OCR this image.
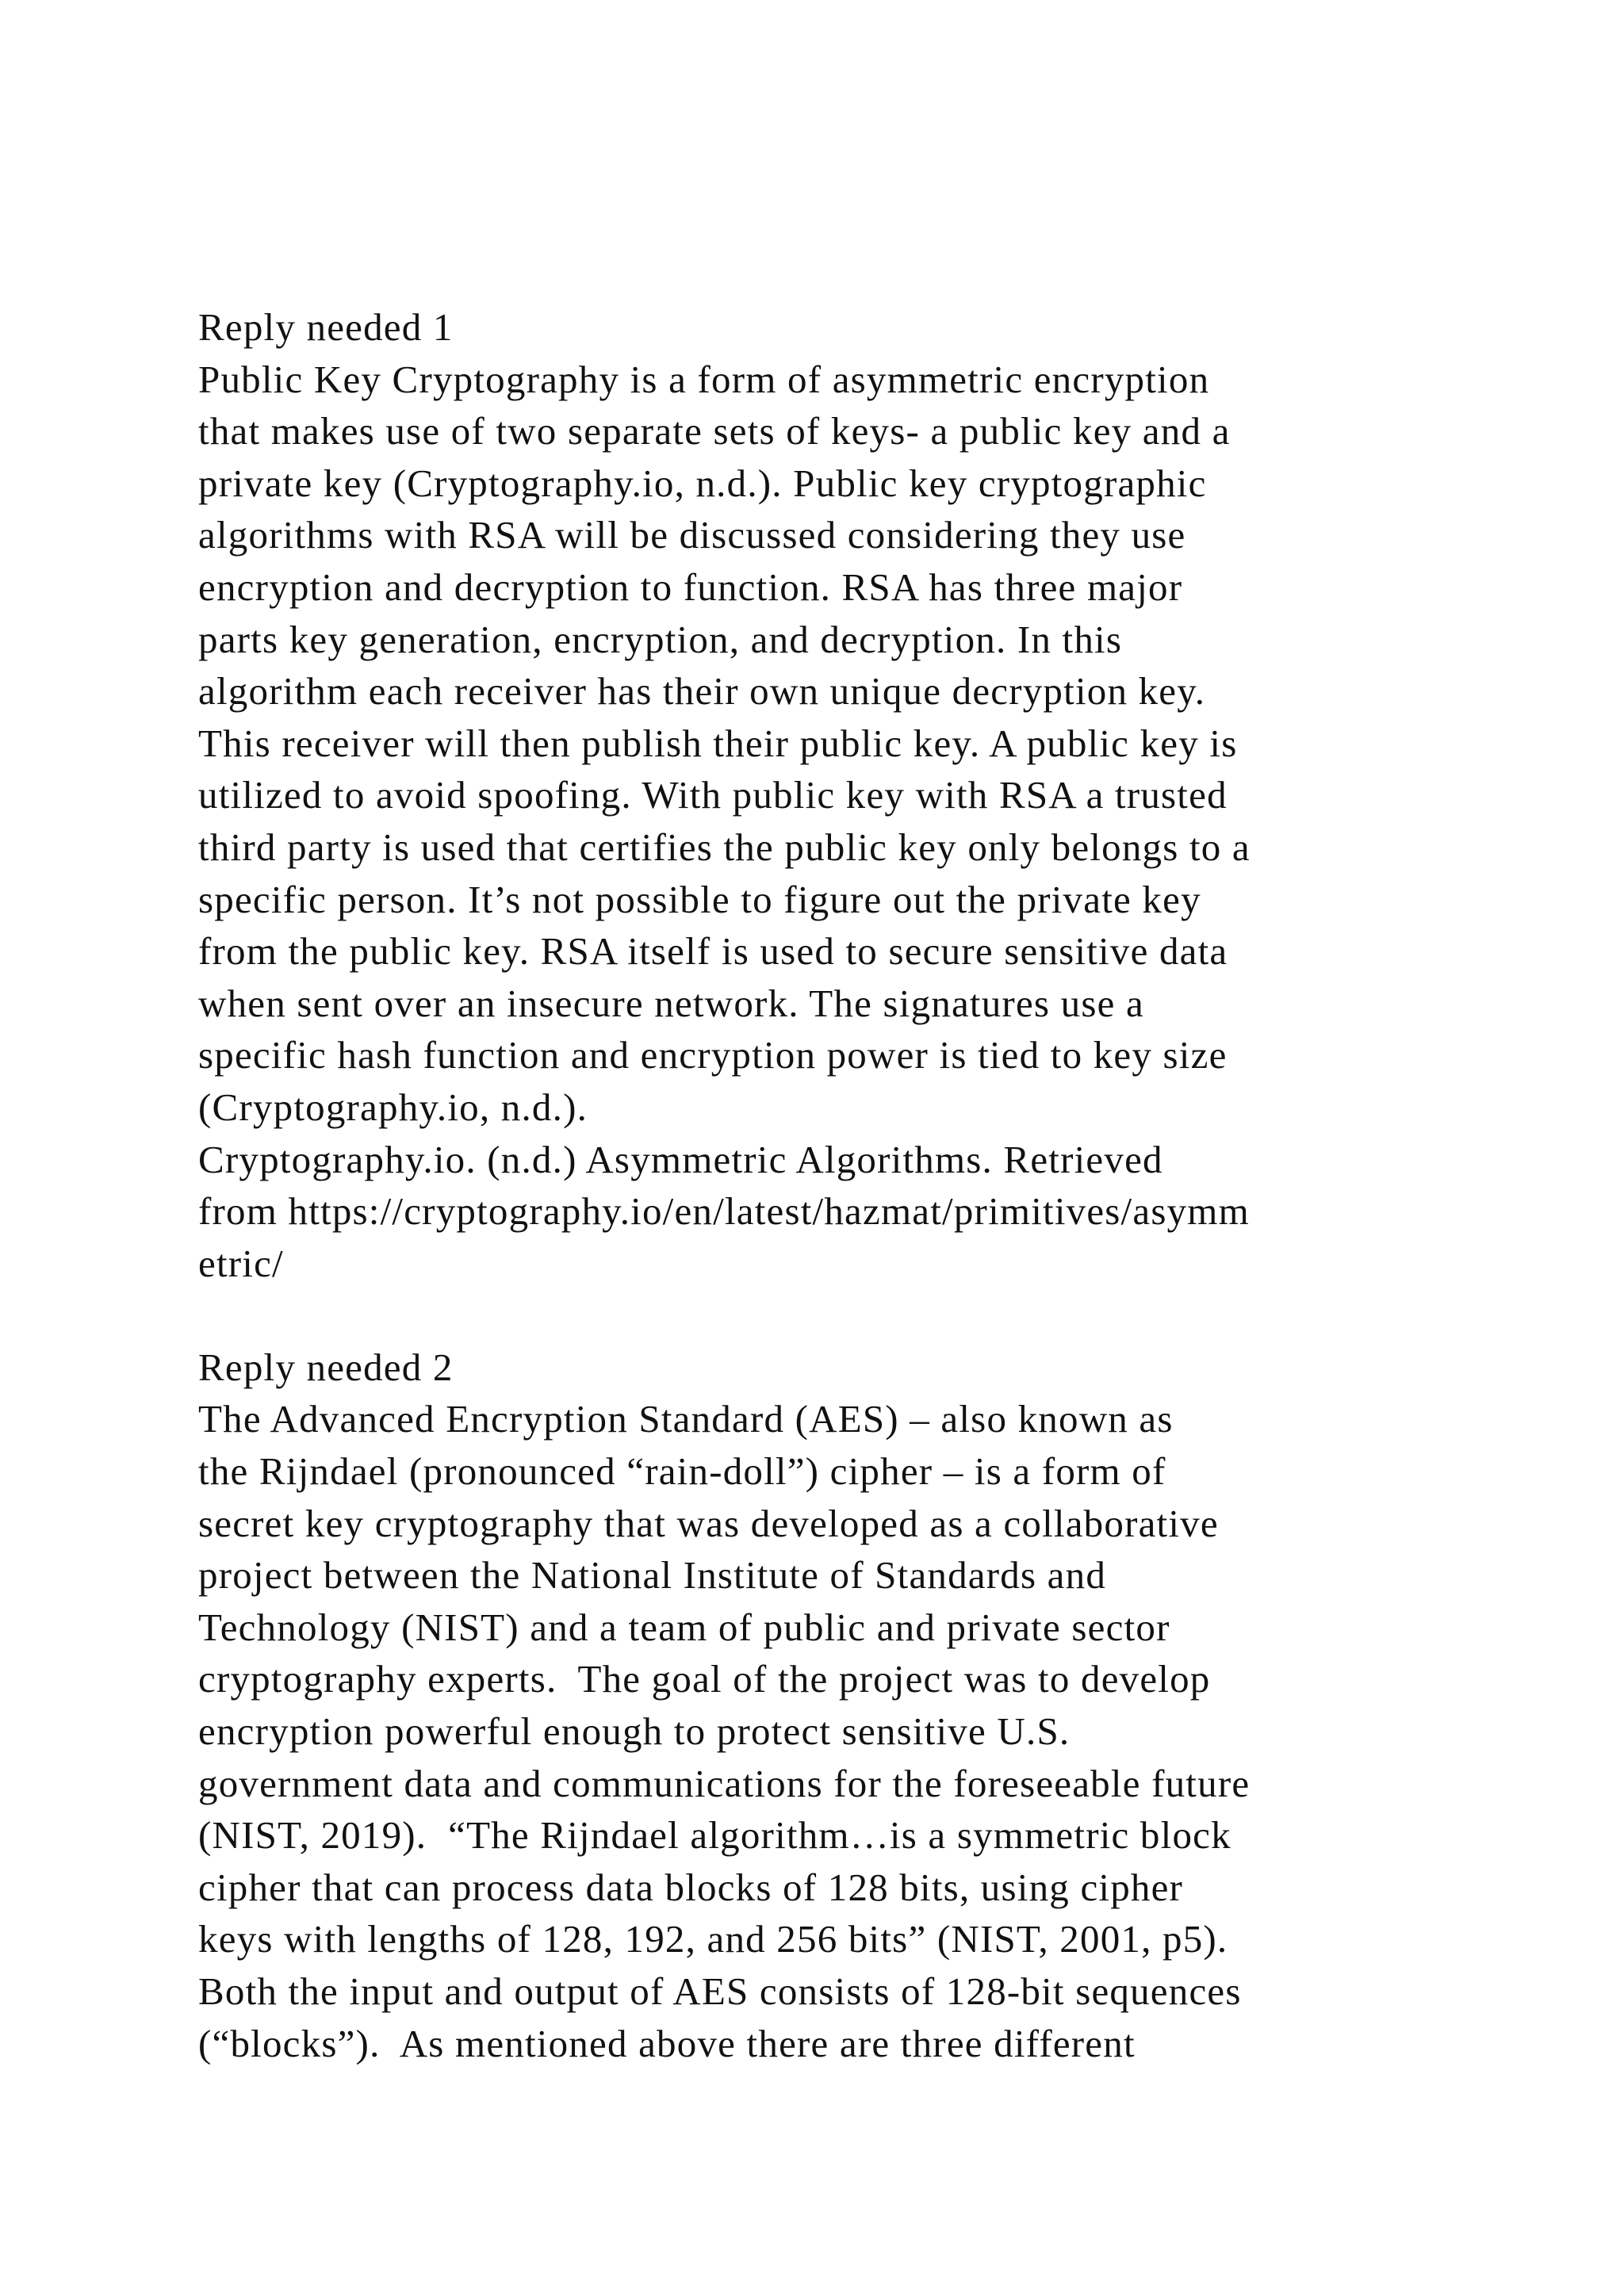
Reply needed 1
Public Key Cryptography is a form of asymmetric encryption
that makes use of two separate sets of keys- a public key and a
private key (Cryptography.io, n.d.). Public key cryptographic
algorithms with RSA will be discussed considering they use
encryption and decryption to function. RSA has three major
parts key generation, encryption, and decryption. In this
algorithm each receiver has their own unique decryption key.
This receiver will then publish their public key. A public key is
utilized to avoid spoofing. With public key with RSA a trusted
third party is used that certifies the public key only belongs to a
specific person. It’s not possible to figure out the private key
from the public key. RSA itself is used to secure sensitive data
when sent over an insecure network. The signatures use a
specific hash function and encryption power is tied to key size
(Cryptography.io, n.d.).
Cryptography.io. (n.d.) Asymmetric Algorithms. Retrieved
from https://cryptography.io/en/latest/hazmat/primitives/asymm
etric/
Reply needed 2
The Advanced Encryption Standard (AES) – also known as
the Rijndael (pronounced “rain-doll”) cipher – is a form of
secret key cryptography that was developed as a collaborative
project between the National Institute of Standards and
Technology (NIST) and a team of public and private sector
cryptography experts.  The goal of the project was to develop
encryption powerful enough to protect sensitive U.S.
government data and communications for the foreseeable future
(NIST, 2019).  “The Rijndael algorithm…is a symmetric block
cipher that can process data blocks of 128 bits, using cipher
keys with lengths of 128, 192, and 256 bits” (NIST, 2001, p5).
Both the input and output of AES consists of 128-bit sequences
(“blocks”).  As mentioned above there are three different
